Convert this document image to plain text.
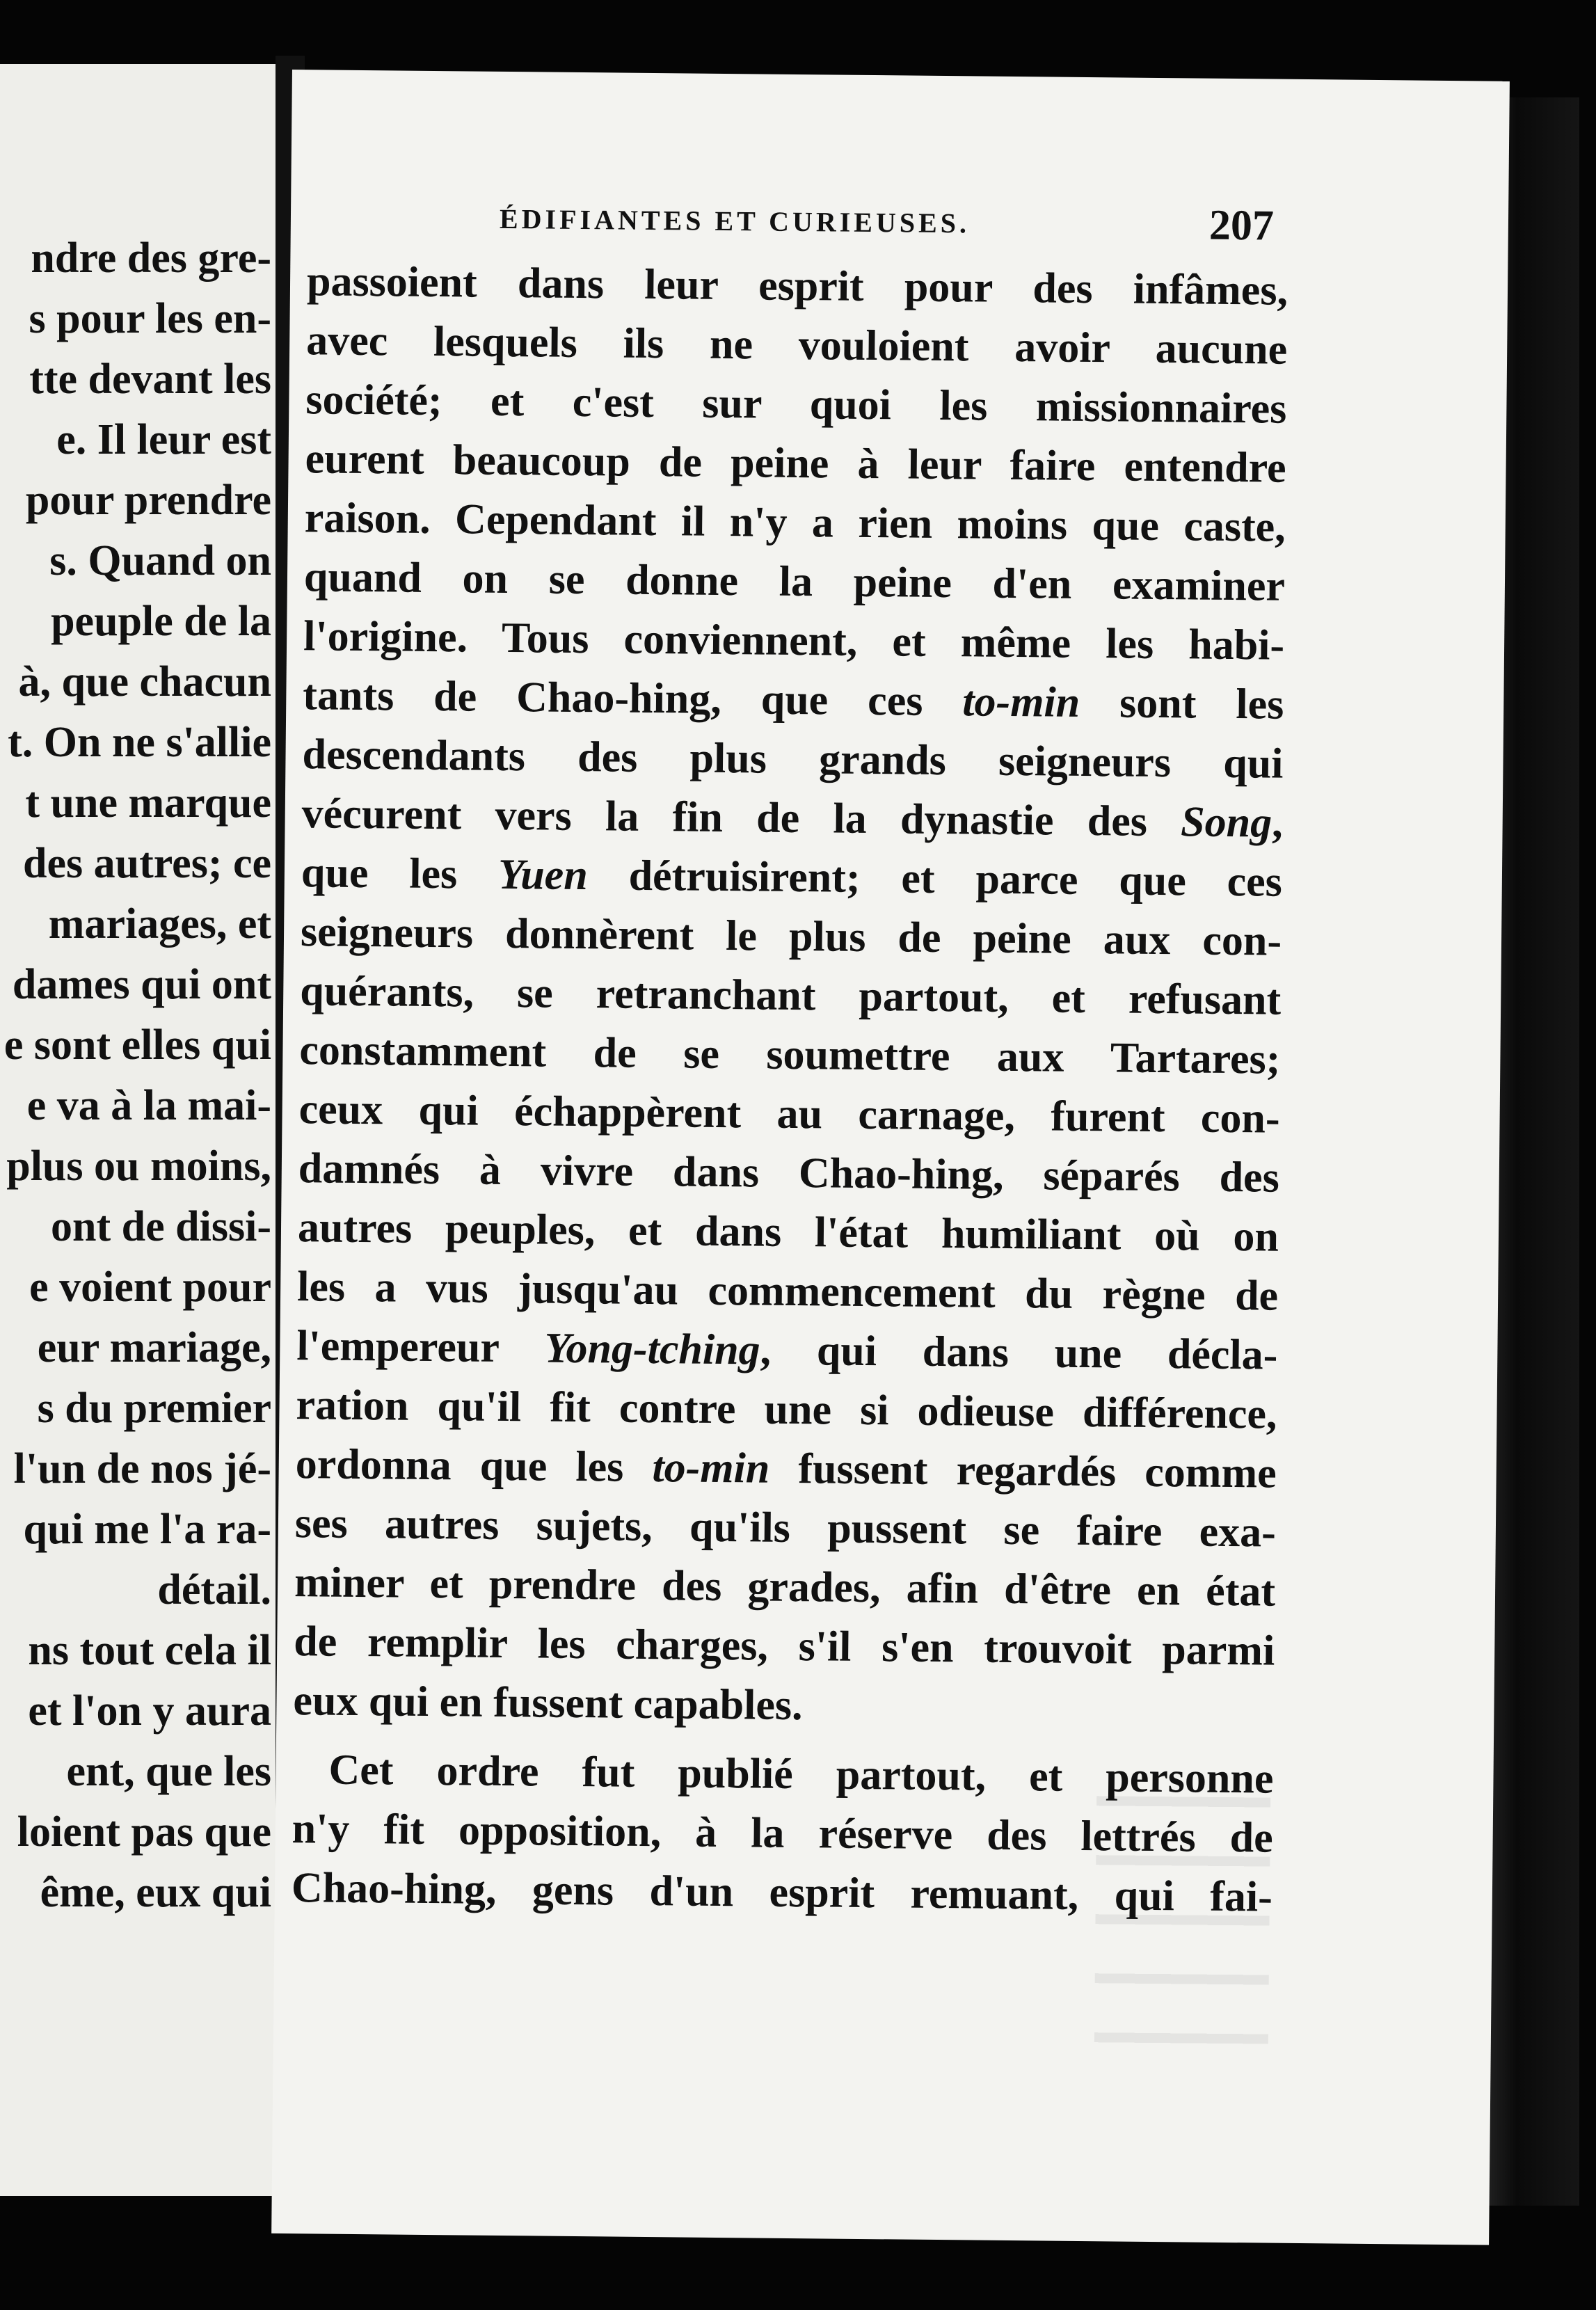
ndre des gre-
s pour les en-
tte devant les
e. Il leur est
pour prendre
s. Quand on
peuple de la
à, que chacun
t. On ne s'allie
t une marque
des autres; ce
mariages, et
dames qui ont
e sont elles qui
e va à la mai-
plus ou moins,
ont de dissi-
e voient pour
eur mariage,
s du premier
l'un de nos jé-
qui me l'a ra-
détail.
ns tout cela il
et l'on y aura
ent, que les
loient pas que
ême, eux qui
ÉDIFIANTES ET CURIEUSES.	207
passoient dans leur esprit pour des infâmes,
avec lesquels ils ne vouloient avoir aucune
société; et c'est sur quoi les missionnaires
eurent beaucoup de peine à leur faire entendre
raison. Cependant il n'y a rien moins que caste,
quand on se donne la peine d'en examiner
l'origine. Tous conviennent, et même les habi-
tants de Chao-hing, que ces to-min sont les
descendants des plus grands seigneurs qui
vécurent vers la fin de la dynastie des Song,
que les Yuen détruisirent; et parce que ces
seigneurs donnèrent le plus de peine aux con-
quérants, se retranchant partout, et refusant
constamment de se soumettre aux Tartares;
ceux qui échappèrent au carnage, furent con-
damnés à vivre dans Chao-hing, séparés des
autres peuples, et dans l'état humiliant où on
les a vus jusqu'au commencement du règne de
l'empereur Yong-tching, qui dans une décla-
ration qu'il fit contre une si odieuse différence,
ordonna que les to-min fussent regardés comme
ses autres sujets, qu'ils pussent se faire exa-
miner et prendre des grades, afin d'être en état
de remplir les charges, s'il s'en trouvoit parmi
eux qui en fussent capables.
Cet ordre fut publié partout, et personne
n'y fit opposition, à la réserve des lettrés de
Chao-hing, gens d'un esprit remuant, qui fai-
